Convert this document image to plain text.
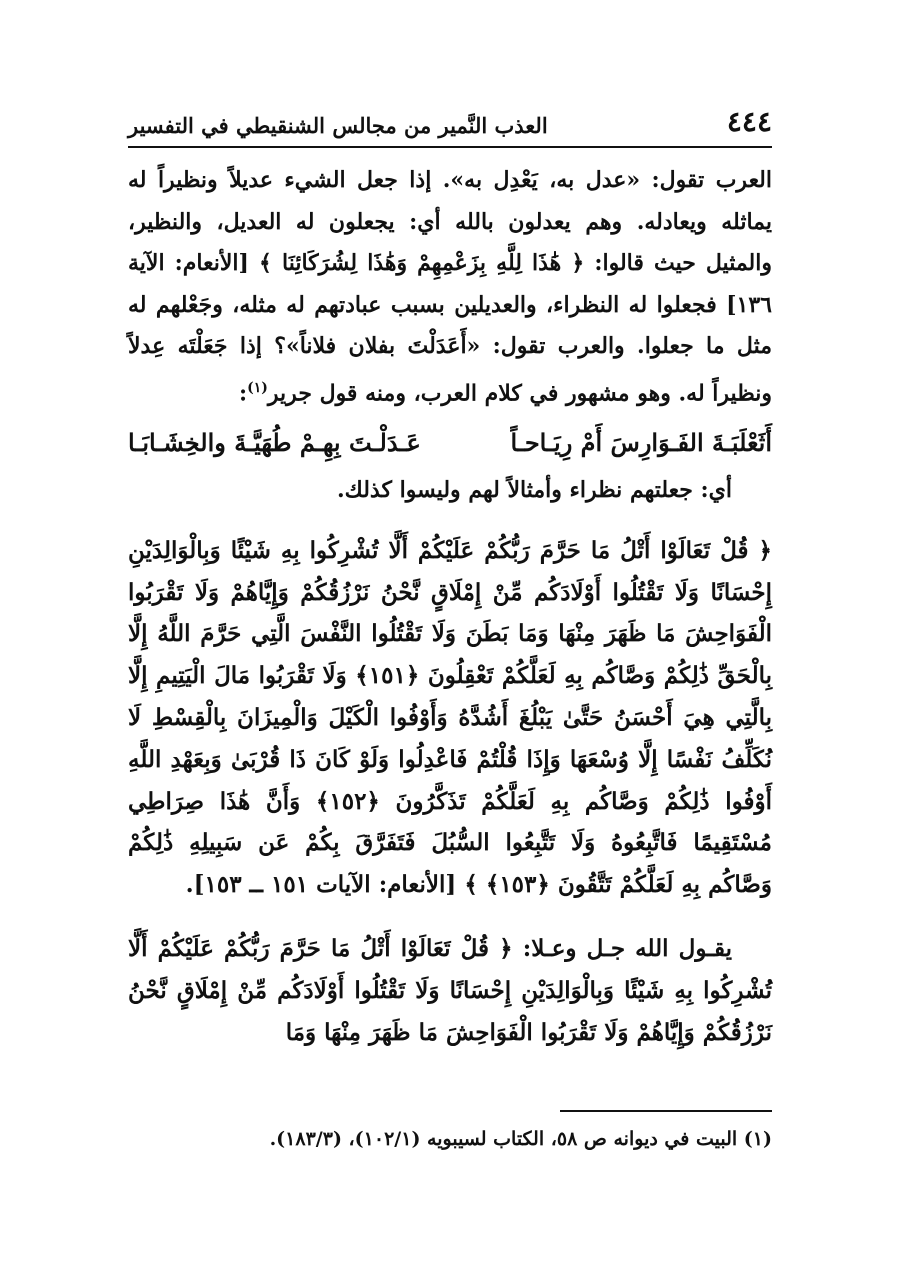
٤٤٤
العذب النَّمير من مجالس الشنقيطي في التفسير

العرب تقول: «عدل به، يَعْدِل به». إذا جعل الشيء عديلاً ونظيراً له يماثله ويعادله. وهم يعدلون بالله أي: يجعلون له العديل، والنظير، والمثيل حيث قالوا: ﴿ هَٰذَا لِلَّهِ بِزَعْمِهِمْ وَهَٰذَا لِشُرَكَائِنَا ﴾ [الأنعام: الآية ١٣٦] فجعلوا له النظراء، والعديلين بسبب عبادتهم له مثله، وجَعْلهم له مثل ما جعلوا. والعرب تقول: «أَعَدَلْتَ بفلان فلاناً»؟ إذا جَعَلْتَه عِدلاً ونظيراً له. وهو مشهور في كلام العرب، ومنه قول جرير$^{(١)}$:

أَثَعْلَبَـةَ الفَـوَارِسَ أَمْ رِيَـاحـاً
عَـدَلْـتَ بِهِـمْ طُهَيَّـةَ والخِشَـابَـا

أي: جعلتهم نظراء وأمثالاً لهم وليسوا كذلك.

﴿ قُلْ تَعَالَوْا أَتْلُ مَا حَرَّمَ رَبُّكُمْ عَلَيْكُمْ أَلَّا تُشْرِكُوا بِهِ شَيْئًا وَبِالْوَالِدَيْنِ إِحْسَانًا وَلَا تَقْتُلُوا أَوْلَادَكُم مِّنْ إِمْلَاقٍ نَّحْنُ نَرْزُقُكُمْ وَإِيَّاهُمْ وَلَا تَقْرَبُوا الْفَوَاحِشَ مَا ظَهَرَ مِنْهَا وَمَا بَطَنَ وَلَا تَقْتُلُوا النَّفْسَ الَّتِي حَرَّمَ اللَّهُ إِلَّا بِالْحَقِّ ذَٰلِكُمْ وَصَّاكُم بِهِ لَعَلَّكُمْ تَعْقِلُونَ ﴿١٥١﴾ وَلَا تَقْرَبُوا مَالَ الْيَتِيمِ إِلَّا بِالَّتِي هِيَ أَحْسَنُ حَتَّىٰ يَبْلُغَ أَشُدَّهُ وَأَوْفُوا الْكَيْلَ وَالْمِيزَانَ بِالْقِسْطِ لَا نُكَلِّفُ نَفْسًا إِلَّا وُسْعَهَا وَإِذَا قُلْتُمْ فَاعْدِلُوا وَلَوْ كَانَ ذَا قُرْبَىٰ وَبِعَهْدِ اللَّهِ أَوْفُوا ذَٰلِكُمْ وَصَّاكُم بِهِ لَعَلَّكُمْ تَذَكَّرُونَ ﴿١٥٢﴾ وَأَنَّ هَٰذَا صِرَاطِي مُسْتَقِيمًا فَاتَّبِعُوهُ وَلَا تَتَّبِعُوا السُّبُلَ فَتَفَرَّقَ بِكُمْ عَن سَبِيلِهِ ذَٰلِكُمْ وَصَّاكُم بِهِ لَعَلَّكُمْ تَتَّقُونَ ﴿١٥٣﴾ ﴾ [الأنعام: الآيات ١٥١ ــ ١٥٣].

يقـول الله جـل وعـلا: ﴿ قُلْ تَعَالَوْا أَتْلُ مَا حَرَّمَ رَبُّكُمْ عَلَيْكُمْ أَلَّا تُشْرِكُوا بِهِ شَيْئًا وَبِالْوَالِدَيْنِ إِحْسَانًا وَلَا تَقْتُلُوا أَوْلَادَكُم مِّنْ إِمْلَاقٍ نَّحْنُ نَرْزُقُكُمْ وَإِيَّاهُمْ وَلَا تَقْرَبُوا الْفَوَاحِشَ مَا ظَهَرَ مِنْهَا وَمَا

(١) البيت في ديوانه ص ٥٨، الكتاب لسيبويه (١٠٢/١)، (١٨٣/٣).
